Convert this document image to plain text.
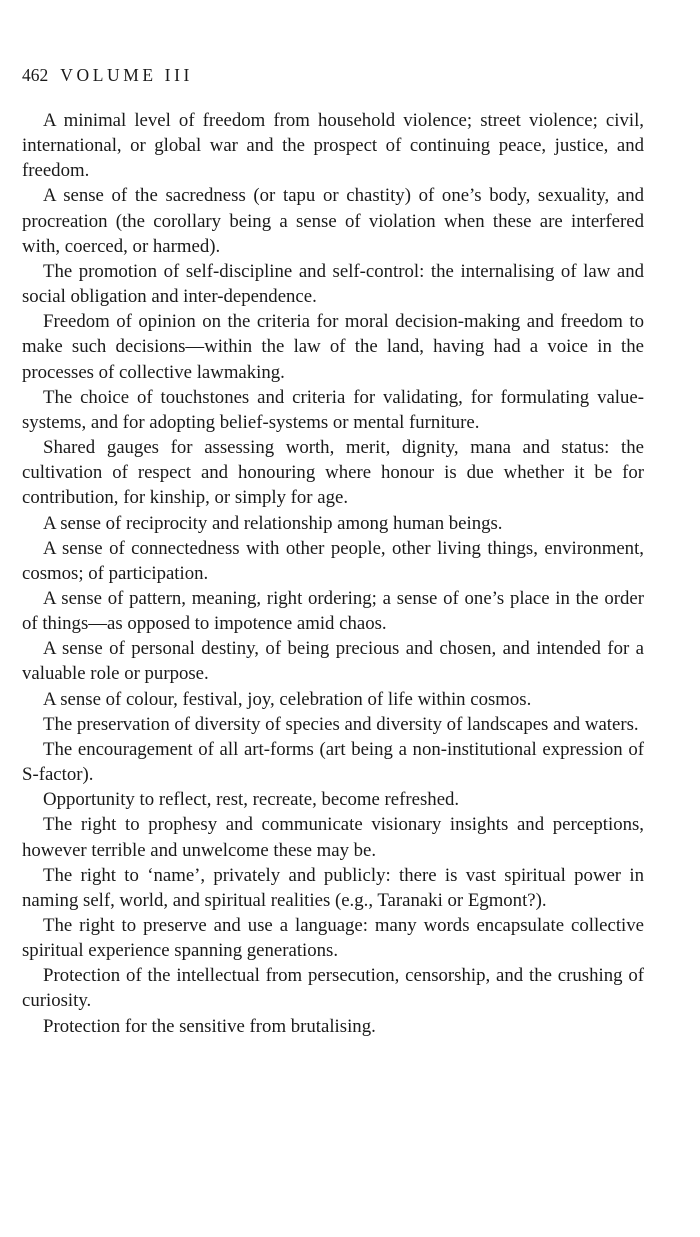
462 VOLUME III

A minimal level of freedom from household violence; street violence; civil, international, or global war and the prospect of continuing peace, justice, and freedom.

A sense of the sacredness (or tapu or chastity) of one’s body, sexuality, and procreation (the corollary being a sense of violation when these are interfered with, coerced, or harmed).

The promotion of self-discipline and self-control: the internalising of law and social obligation and inter-dependence.

Freedom of opinion on the criteria for moral decision-making and freedom to make such decisions—within the law of the land, having had a voice in the processes of collective lawmaking.

The choice of touchstones and criteria for validating, for formulating value-systems, and for adopting belief-systems or mental furniture.

Shared gauges for assessing worth, merit, dignity, mana and status: the cultivation of respect and honouring where honour is due whether it be for contribution, for kinship, or simply for age.

A sense of reciprocity and relationship among human beings.

A sense of connectedness with other people, other living things, environment, cosmos; of participation.

A sense of pattern, meaning, right ordering; a sense of one’s place in the order of things—as opposed to impotence amid chaos.

A sense of personal destiny, of being precious and chosen, and intended for a valuable role or purpose.

A sense of colour, festival, joy, celebration of life within cosmos.

The preservation of diversity of species and diversity of landscapes and waters.

The encouragement of all art-forms (art being a non-institutional expression of S-factor).

Opportunity to reflect, rest, recreate, become refreshed.

The right to prophesy and communicate visionary insights and perceptions, however terrible and unwelcome these may be.

The right to ‘name’, privately and publicly: there is vast spiritual power in naming self, world, and spiritual realities (e.g., Taranaki or Egmont?).

The right to preserve and use a language: many words encapsulate collective spiritual experience spanning generations.

Protection of the intellectual from persecution, censorship, and the crushing of curiosity.

Protection for the sensitive from brutalising.
